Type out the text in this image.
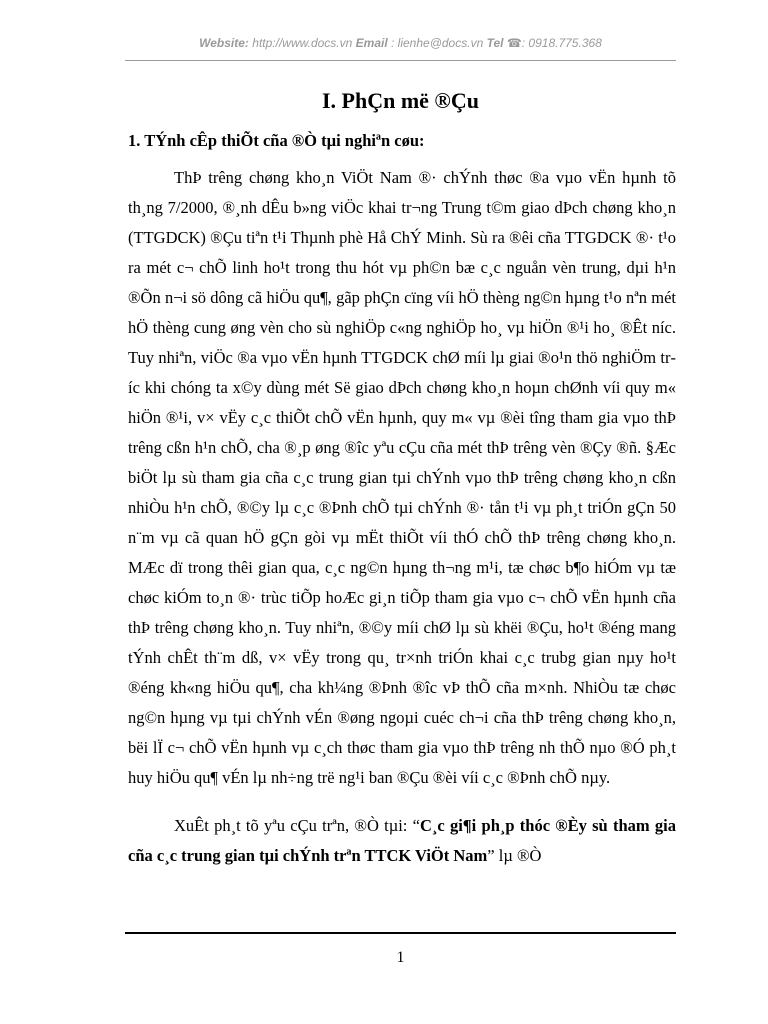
Website: http://www.docs.vn Email : lienhe@docs.vn Tel ☎: 0918.775.368
I. PhÇn më ®Çu
1. TÝnh cÊp thiÕt cña ®Ò tµi nghiªn cøu:

ThÞ trêng chøng kho¸n ViÖt Nam ®· chÝnh thøc ®a vµo vËn hµnh tõ th¸ng 7/2000, ®¸nh dÊu b»ng viÖc khai tr¬ng Trung t©m giao dÞch chøng kho¸n (TTGDCK) ®Çu tiªn t¹i Thµnh phè Hå ChÝ Minh. Sù ra ®êi cña TTGDCK ®· t¹o ra mét c¬ chÕ linh ho¹t trong thu hót vµ ph©n bæ c¸c nguån vèn trung, dµi h¹n ®Õn n¬i sö dông cã hiÖu qu¶, gãp phÇn cïng víi hÖ thèng ng©n hµng t¹o nªn mét hÖ thèng cung øng vèn cho sù nghiÖp c«ng nghiÖp ho¸ vµ hiÖn ®¹i ho¸ ®Êt níc. Tuy nhiªn, viÖc ®a vµo vËn hµnh TTGDCK chØ míi lµ giai ®o¹n thö nghiÖm tríc khi chóng ta x©y dùng mét Së giao dÞch chøng kho¸n hoµn chØnh víi quy m« hiÖn ®¹i, v× vËy c¸c thiÕt chÕ vËn hµnh, quy m« vµ ®èi tîng tham gia vµo thÞ trêng cßn h¹n chÕ, cha ®¸p øng ®îc yªu cÇu cña mét thÞ trêng vèn ®Çy ®ñ. §Æc biÖt lµ sù tham gia cña c¸c trung gian tµi chÝnh vµo thÞ trêng chøng kho¸n cßn nhiÒu h¹n chÕ, ®©y lµ c¸c ®Þnh chÕ tµi chÝnh ®· tån t¹i vµ ph¸t triÓn gÇn 50 n¨m vµ cã quan hÖ gÇn gòi vµ mËt thiÕt víi thÓ chÕ thÞ trêng chøng kho¸n. MÆc dï trong thêi gian qua, c¸c ng©n hµng th¬ng m¹i, tæ chøc b¶o hiÓm vµ tæ chøc kiÓm to¸n ®· trùc tiÕp hoÆc gi¸n tiÕp tham gia vµo c¬ chÕ vËn hµnh cña thÞ trêng chøng kho¸n. Tuy nhiªn, ®©y míi chØ lµ sù khëi ®Çu, ho¹t ®éng mang tÝnh chÊt th¨m dß, v× vËy trong qu¸ tr×nh triÓn khai c¸c trubg gian nµy ho¹t ®éng kh«ng hiÖu qu¶, cha kh¼ng ®Þnh ®îc vÞ thÕ cña m×nh. NhiÒu tæ chøc ng©n hµng vµ tµi chÝnh vÉn ®øng ngoµi cuéc ch¬i cña thÞ trêng chøng kho¸n, bëi lÏ c¬ chÕ vËn hµnh vµ c¸ch thøc tham gia vµo thÞ trêng nh thÕ nµo ®Ó ph¸t huy hiÖu qu¶ vÉn lµ nh÷ng trë ng¹i ban ®Çu ®èi víi c¸c ®Þnh chÕ nµy.

XuÊt ph¸t tõ yªu cÇu trªn, ®Ò tµi: “C¸c gi¶i ph¸p thóc ®Èy sù tham gia cña c¸c trung gian tµi chÝnh trªn TTCK ViÖt Nam” lµ ®Ò

1
